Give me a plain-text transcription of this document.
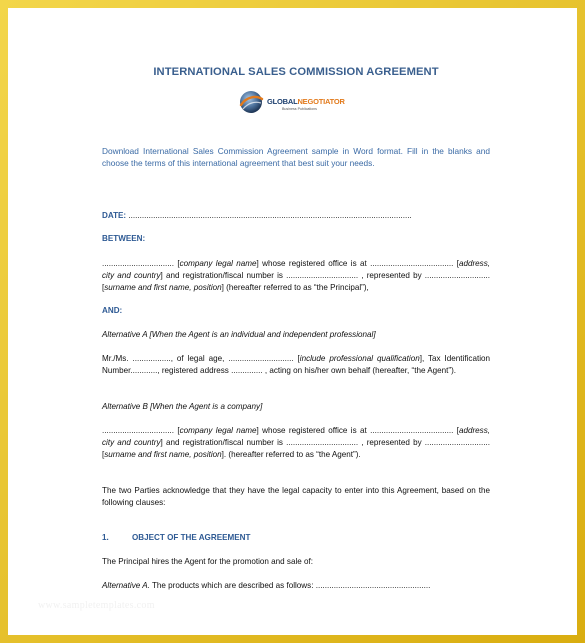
INTERNATIONAL SALES COMMISSION AGREEMENT
GLOBALNEGOTIATOR
Business Publications

Download International Sales Commission Agreement sample in Word format. Fill in the blanks and choose the terms of this international agreement that best suit your needs.

DATE: ..............................................................................................................................

BETWEEN:

................................ [company legal name] whose registered office is at ..................................... [address, city and country] and registration/fiscal number is ................................ , represented by ............................. [surname and first name, position] (hereafter referred to as “the Principal”),

AND:

Alternative A [When the Agent is an individual and independent professional]

Mr./Ms. ................., of legal age, ............................. [include professional qualification], Tax Identification Number............, registered address .............. , acting on his/her own behalf (hereafter, “the Agent”).

Alternative B [When the Agent is a company]

................................ [company legal name] whose registered office is at ..................................... [address, city and country] and registration/fiscal number is ................................ , represented by ............................. [surname and first name, position]. (hereafter referred to as “the Agent”).

The two Parties acknowledge that they have the legal capacity to enter into this Agreement, based on the following clauses:

1.	OBJECT OF THE AGREEMENT

The Principal hires the Agent for the promotion and sale of:

Alternative A. The products which are described as follows: ...................................................

www.sampletemplates.com
